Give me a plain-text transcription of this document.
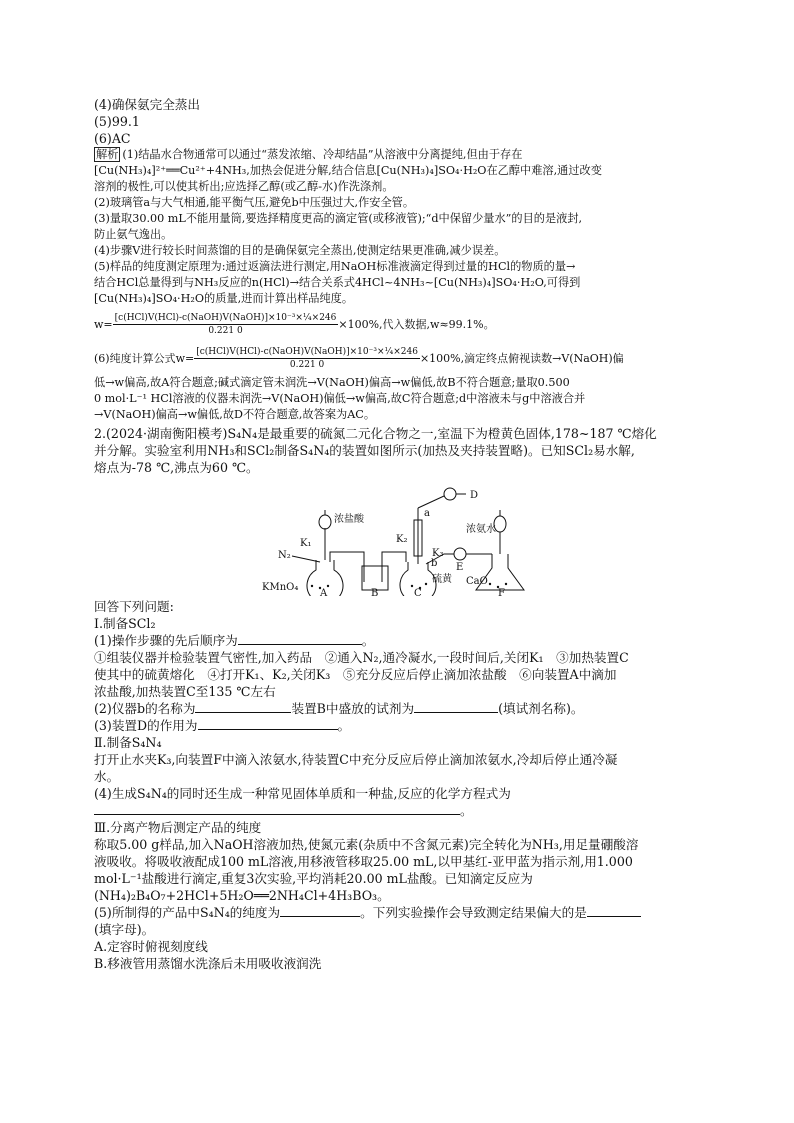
(4)确保氨完全蒸出
(5)99.1
(6)AC
解析 (1)结晶水合物通常可以通过“蒸发浓缩、冷却结晶”从溶液中分离提纯,但由于存在
[Cu(NH₃)₄]²⁺══Cu²⁺+4NH₃,加热会促进分解,结合信息[Cu(NH₃)₄]SO₄·H₂O在乙醇中难溶,通过改变
溶剂的极性,可以使其析出;应选择乙醇(或乙醇-水)作洗涤剂。
(2)玻璃管a与大气相通,能平衡气压,避免b中压强过大,作安全管。
(3)量取30.00 mL不能用量筒,要选择精度更高的滴定管(或移液管);“d中保留少量水”的目的是液封,
防止氨气逸出。
(4)步骤Ⅴ进行较长时间蒸馏的目的是确保氨完全蒸出,使测定结果更准确,减少误差。
(5)样品的纯度测定原理为:通过返滴法进行测定,用NaOH标准液滴定得到过量的HCl的物质的量→
结合HCl总量得到与NH₃反应的n(HCl)→结合关系式4HCl~4NH₃~[Cu(NH₃)₄]SO₄·H₂O,可得到
[Cu(NH₃)₄]SO₄·H₂O的质量,进而计算出样品纯度。
$w= \frac{\text{[c(HCl)V(HCl)-c(NaOH)V(NaOH)]×10⁻³×¼×246}}{0.221 0} \times 100\%$,代入数据,w≈99.1%。
(6)纯度计算公式$w= \frac{\text{[c(HCl)V(HCl)-c(NaOH)V(NaOH)]×10⁻³×¼×246}}{0.221 0} \times 100\%$,滴定终点俯视读数→V(NaOH)偏
低→w偏高,故A符合题意;碱式滴定管未润洗→V(NaOH)偏高→w偏低,故B不符合题意;量取0.500
0 mol·L⁻¹ HCl溶液的仪器未润洗→V(NaOH)偏低→w偏高,故C符合题意;d中溶液未与g中溶液合并
→V(NaOH)偏高→w偏低,故D不符合题意,故答案为AC。
2.(2024·湖南衡阳模考)S₄N₄是最重要的硫氮二元化合物之一,室温下为橙黄色固体,178~187 ℃熔化
并分解。实验室利用NH₃和SCl₂制备S₄N₄的装置如图所示(加热及夹持装置略)。已知SCl₂易水解,
熔点为-78 ℃,沸点为60 ℃。
N₂
K₁
浓盐酸
KMnO₄
A	B
K₂
a
b
K₃
硫黄
C
D
E
浓氨水
CaO
F
回答下列问题:
Ⅰ.制备SCl₂
(1)操作步骤的先后顺序为	。
①组装仪器并检验装置气密性,加入药品　②通入N₂,通冷凝水,一段时间后,关闭K₁　③加热装置C
使其中的硫黄熔化　④打开K₁、K₂,关闭K₃　⑤充分反应后停止滴加浓盐酸　⑥向装置A中滴加
浓盐酸,加热装置C至135 ℃左右
(2)仪器b的名称为	装置B中盛放的试剂为	(填试剂名称)。
(3)装置D的作用为	。
Ⅱ.制备S₄N₄
打开止水夹K₃,向装置F中滴入浓氨水,待装置C中充分反应后停止滴加浓氨水,冷却后停止通冷凝
水。
(4)生成S₄N₄的同时还生成一种常见固体单质和一种盐,反应的化学方程式为
。
Ⅲ.分离产物后测定产品的纯度
称取5.00 g样品,加入NaOH溶液加热,使氮元素(杂质中不含氮元素)完全转化为NH₃,用足量硼酸溶
液吸收。将吸收液配成100 mL溶液,用移液管移取25.00 mL,以甲基红-亚甲蓝为指示剂,用1.000
mol·L⁻¹盐酸进行滴定,重复3次实验,平均消耗20.00 mL盐酸。已知滴定反应为
(NH₄)₂B₄O₇+2HCl+5H₂O══2NH₄Cl+4H₃BO₃。
(5)所制得的产品中S₄N₄的纯度为	。下列实验操作会导致测定结果偏大的是
(填字母)。
A.定容时俯视刻度线
B.移液管用蒸馏水洗涤后未用吸收液润洗
